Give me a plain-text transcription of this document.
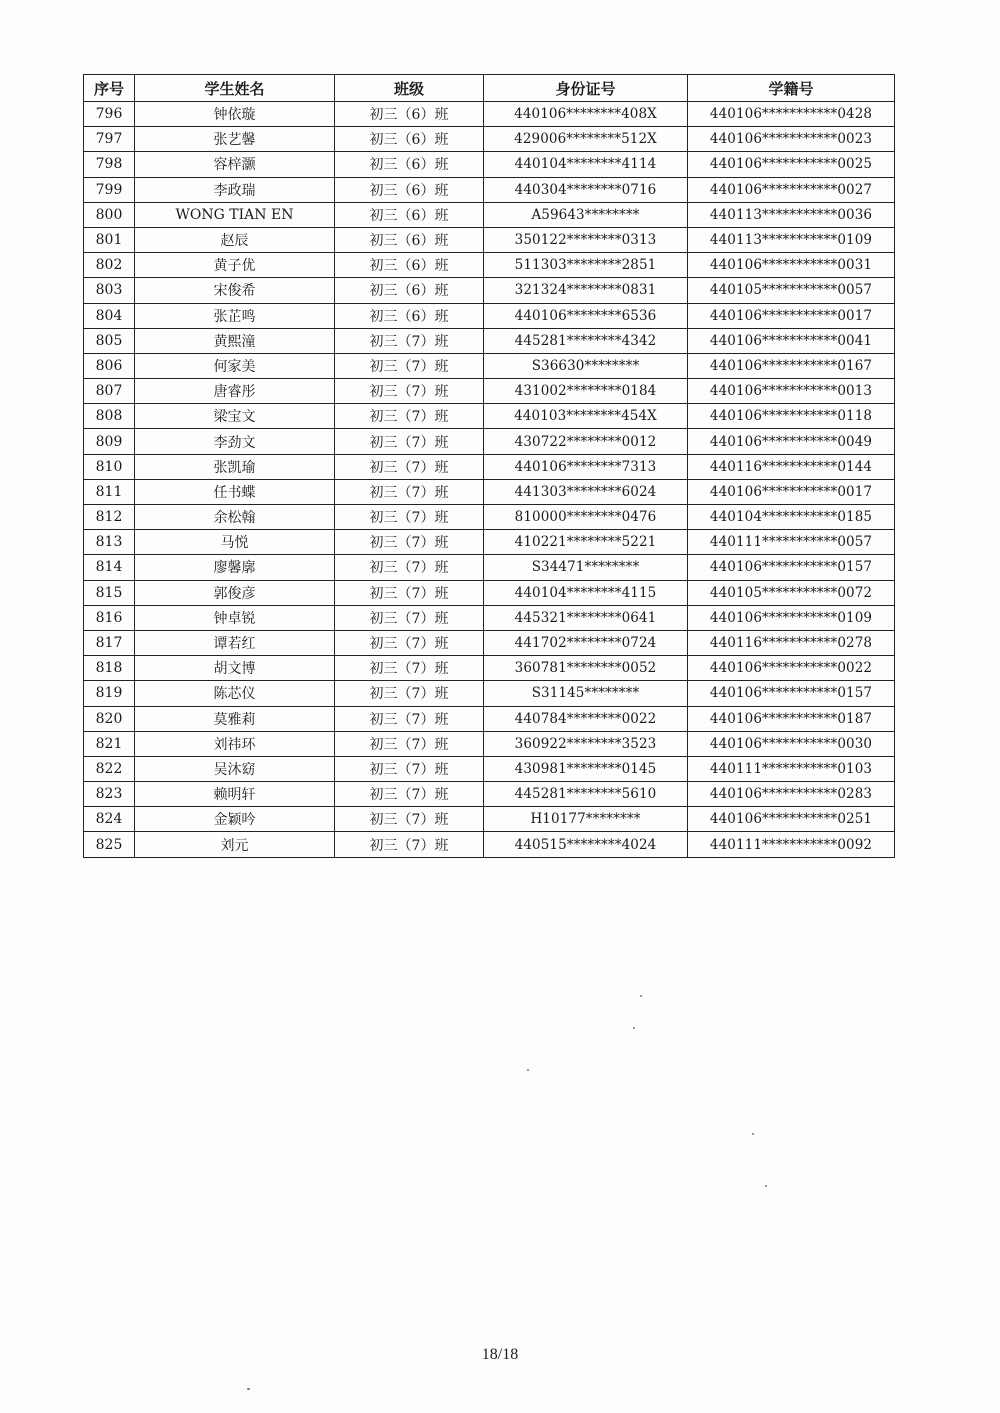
序号	学生姓名	班级	身份证号	学籍号
796	钟依璇	初三（6）班	440106********408X	440106***********0428
797	张艺馨	初三（6）班	429006********512X	440106***********0023
798	容梓灏	初三（6）班	440104********4114	440106***********0025
799	李政瑞	初三（6）班	440304********0716	440106***********0027
800	WONG TIAN EN	初三（6）班	A59643********	440113***********0036
801	赵辰	初三（6）班	350122********0313	440113***********0109
802	黄子优	初三（6）班	511303********2851	440106***********0031
803	宋俊希	初三（6）班	321324********0831	440105***********0057
804	张芷鸣	初三（6）班	440106********6536	440106***********0017
805	黄熙潼	初三（7）班	445281********4342	440106***********0041
806	何家美	初三（7）班	S36630********	440106***********0167
807	唐睿彤	初三（7）班	431002********0184	440106***********0013
808	梁宝文	初三（7）班	440103********454X	440106***********0118
809	李劲文	初三（7）班	430722********0012	440106***********0049
810	张凯瑜	初三（7）班	440106********7313	440116***********0144
811	任书蝶	初三（7）班	441303********6024	440106***********0017
812	余松翰	初三（7）班	810000********0476	440104***********0185
813	马悦	初三（7）班	410221********5221	440111***********0057
814	廖馨廓	初三（7）班	S34471********	440106***********0157
815	郭俊彦	初三（7）班	440104********4115	440105***********0072
816	钟卓锐	初三（7）班	445321********0641	440106***********0109
817	谭若红	初三（7）班	441702********0724	440116***********0278
818	胡文博	初三（7）班	360781********0052	440106***********0022
819	陈芯仪	初三（7）班	S31145********	440106***********0157
820	莫雅莉	初三（7）班	440784********0022	440106***********0187
821	刘祎环	初三（7）班	360922********3523	440106***********0030
822	吴沐窈	初三（7）班	430981********0145	440111***********0103
823	赖明轩	初三（7）班	445281********5610	440106***********0283
824	金颖吟	初三（7）班	H10177********	440106***********0251
825	刘元	初三（7）班	440515********4024	440111***********0092
18/18
